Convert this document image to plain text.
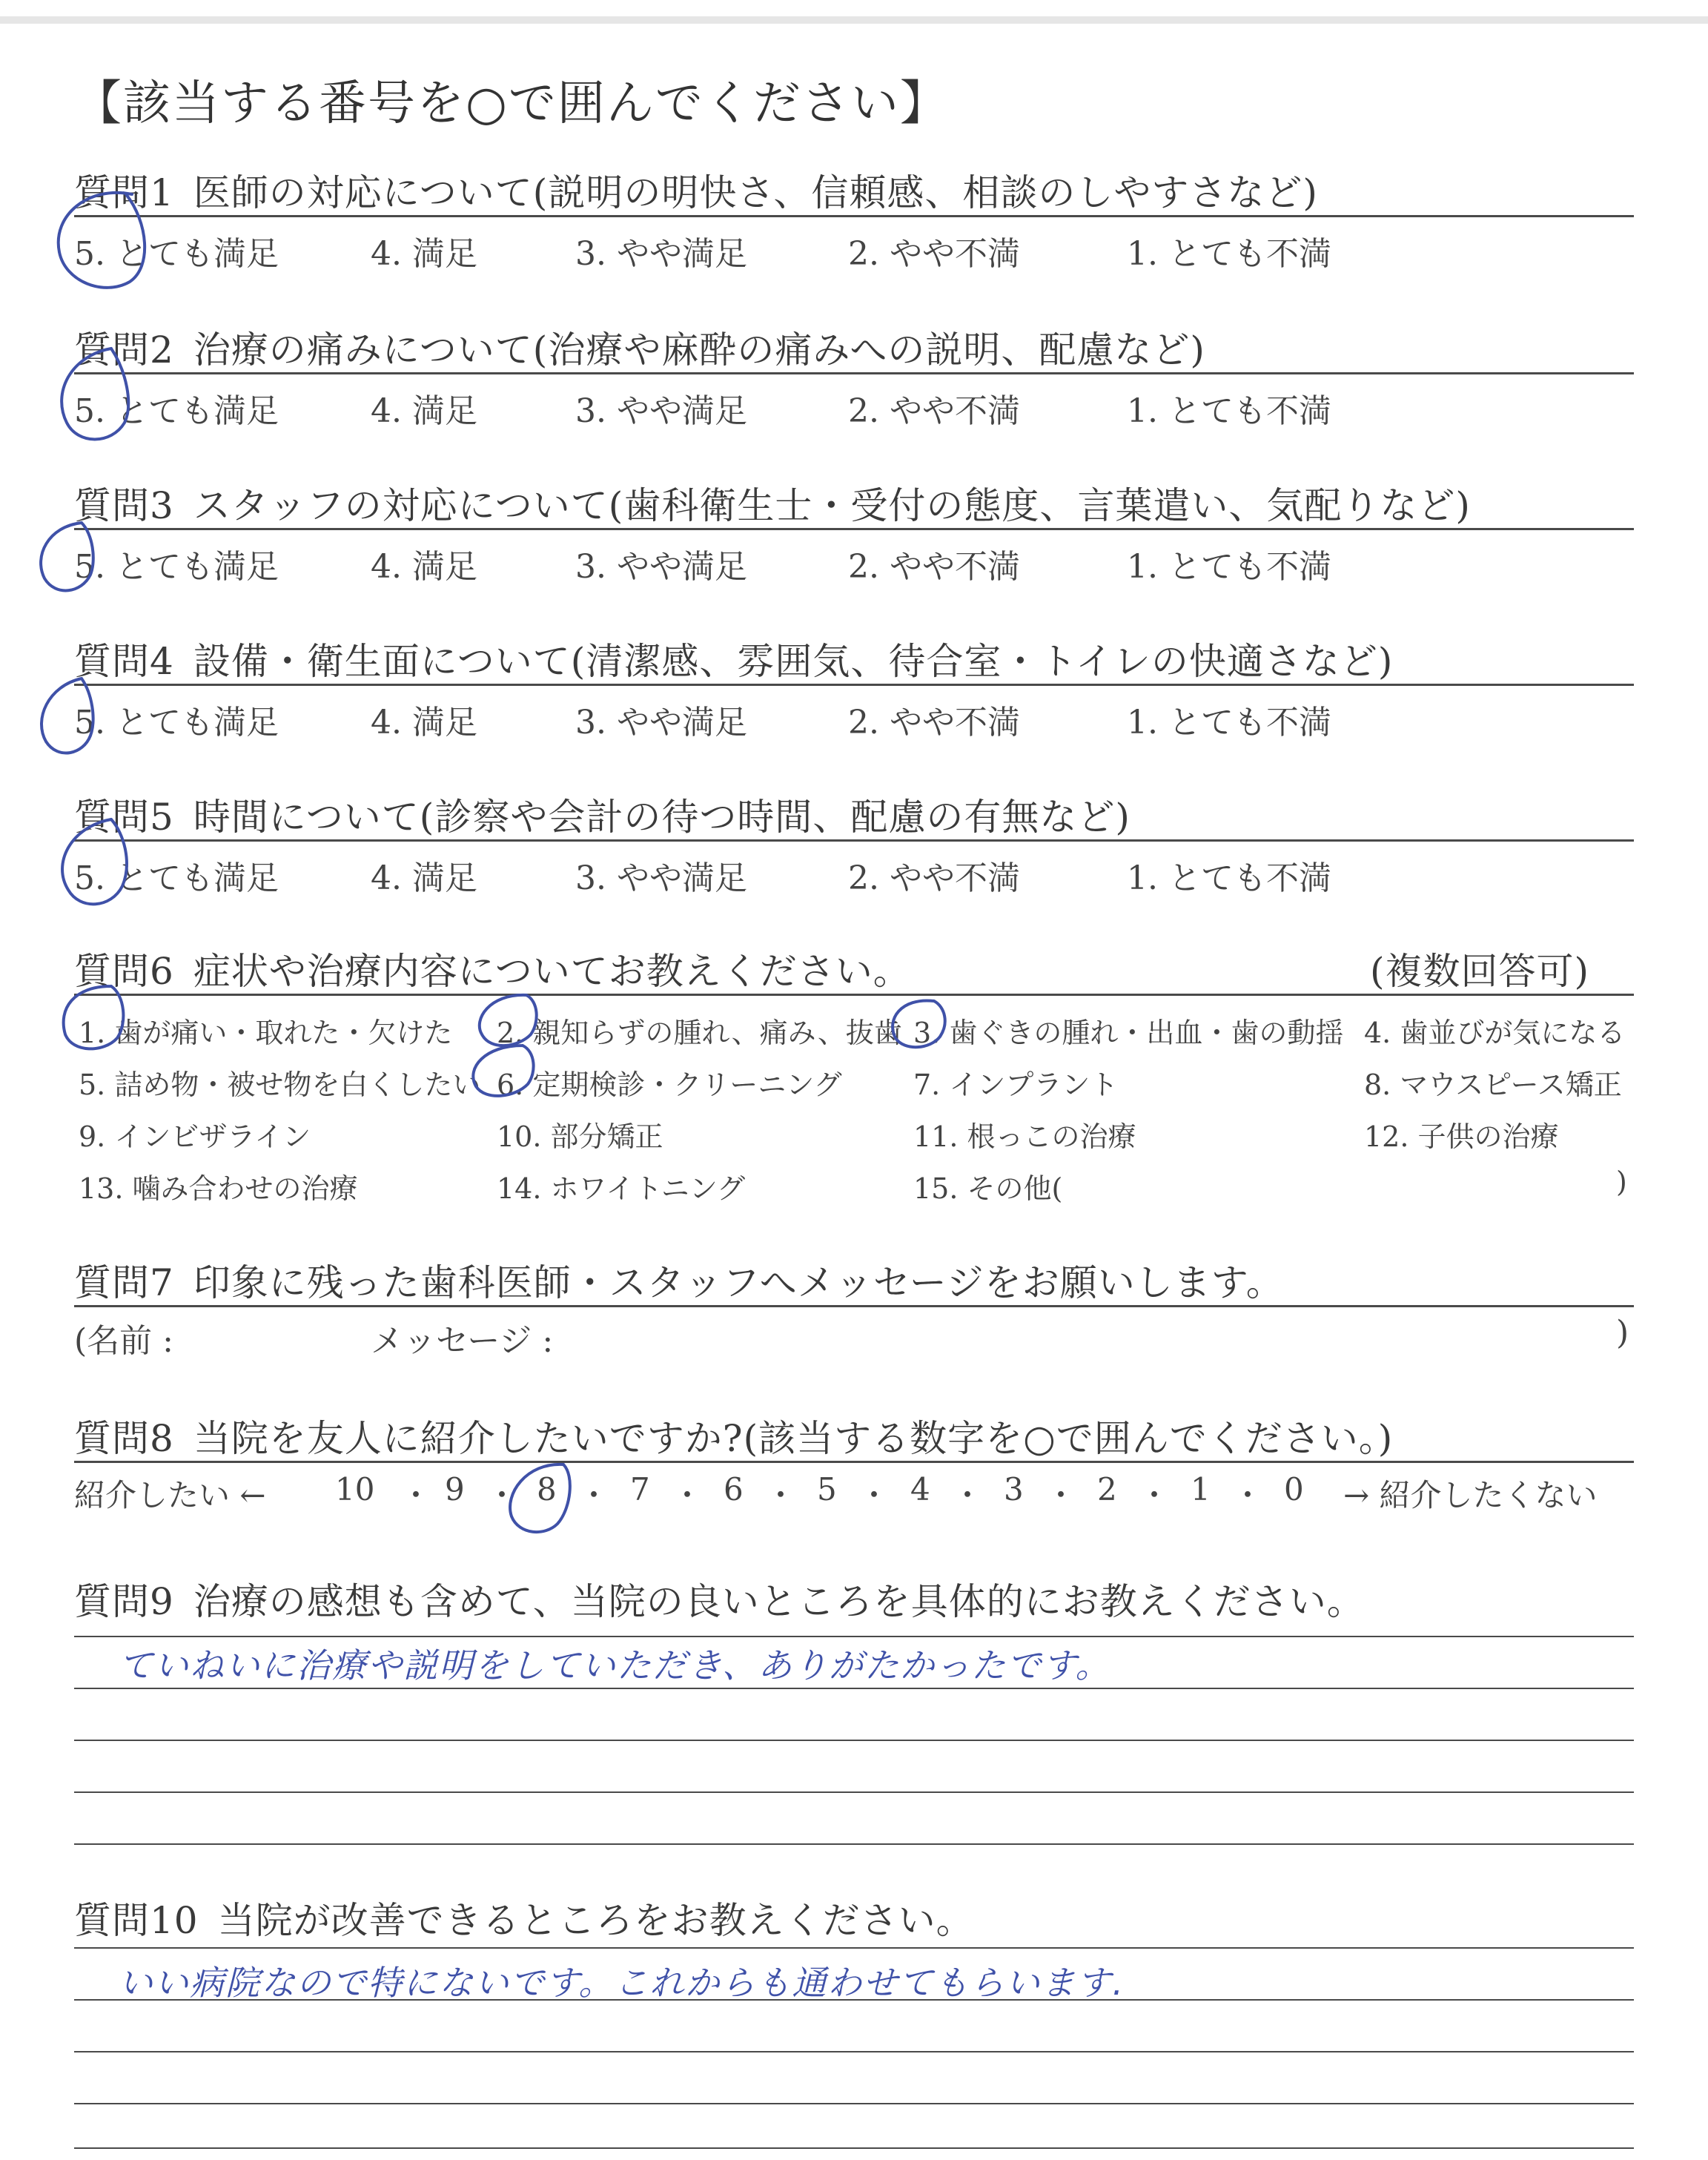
【該当する番号を○で囲んでください】
質問1 医師の対応について(説明の明快さ、信頼感、相談のしやすさなど)
5. とても満足	4. 満足	3. やや満足	2. やや不満	1. とても不満
質問2 治療の痛みについて(治療や麻酔の痛みへの説明、配慮など)
5. とても満足	4. 満足	3. やや満足	2. やや不満	1. とても不満
質問3 スタッフの対応について(歯科衛生士・受付の態度、言葉遣い、気配りなど)
5. とても満足	4. 満足	3. やや満足	2. やや不満	1. とても不満
質問4 設備・衛生面について(清潔感、雰囲気、待合室・トイレの快適さなど)
5. とても満足	4. 満足	3. やや満足	2. やや不満	1. とても不満
質問5 時間について(診察や会計の待つ時間、配慮の有無など)
5. とても満足	4. 満足	3. やや満足	2. やや不満	1. とても不満
質問6 症状や治療内容についてお教えください。	(複数回答可)
1. 歯が痛い・取れた・欠けた 2. 親知らずの腫れ、痛み、抜歯 3. 歯ぐきの腫れ・出血・歯の動揺 4. 歯並びが気になる
5. 詰め物・被せ物を白くしたい 6. 定期検診・クリーニング	7. インプラント	8. マウスピース矯正
9. インビザライン	10. 部分矯正	11. 根っこの治療	12. 子供の治療
13. 噛み合わせの治療	14. ホワイトニング	15. その他(	)
質問7 印象に残った歯科医師・スタッフへメッセージをお願いします。
(名前 :	メッセージ :	)
質問8 当院を友人に紹介したいですか?(該当する数字を○で囲んでください。)
紹介したい ← 10 ・ 9 ・ 8 ・ 7 ・ 6 ・ 5 ・ 4 ・ 3 ・ 2 ・ 1 ・ 0 → 紹介したくない
質問9 治療の感想も含めて、当院の良いところを具体的にお教えください。
ていねいに治療や説明をしていただき、ありがたかったです。
質問10 当院が改善できるところをお教えください。
いい病院なので特にないです。これからも通わせてもらいます.
